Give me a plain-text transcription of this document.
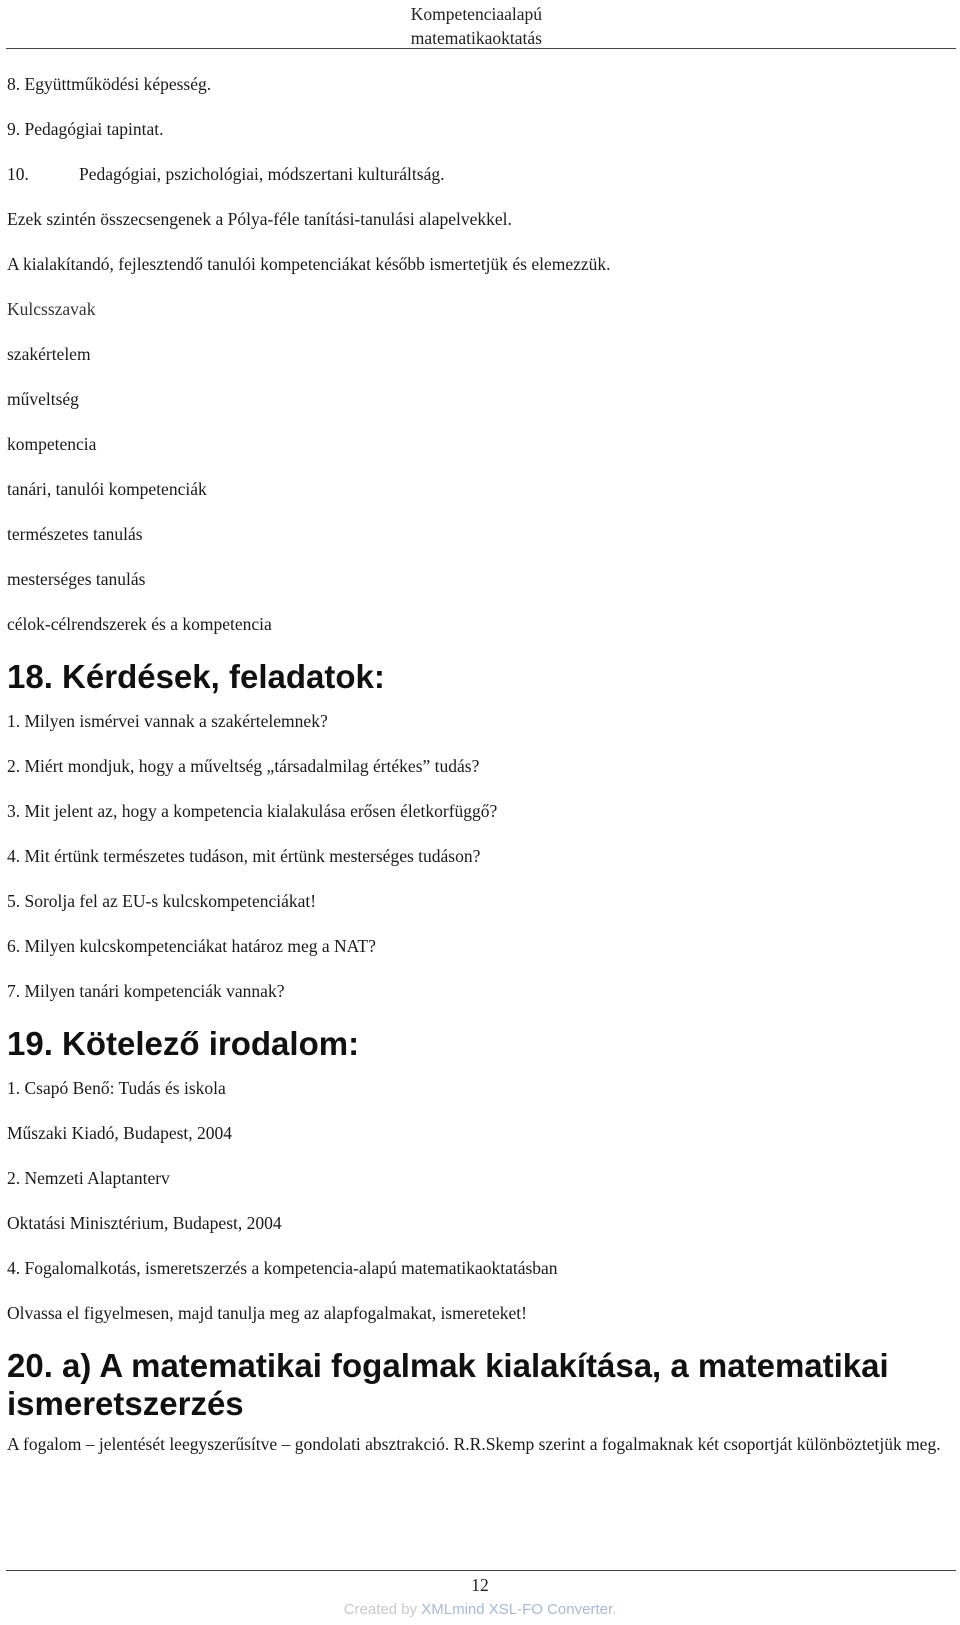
Kompetenciaalapú
matematikaoktatás
8. Együttműködési képesség.
9. Pedagógiai tapintat.
10.	Pedagógiai, pszichológiai, módszertani kulturáltság.
Ezek szintén összecsengenek a Pólya-féle tanítási-tanulási alapelvekkel.
A kialakítandó, fejlesztendő tanulói kompetenciákat később ismertetjük és elemezzük.
Kulcsszavak
szakértelem
műveltség
kompetencia
tanári, tanulói kompetenciák
természetes tanulás
mesterséges tanulás
célok-célrendszerek és a kompetencia
18. Kérdések, feladatok:
1. Milyen ismérvei vannak a szakértelemnek?
2. Miért mondjuk, hogy a műveltség „társadalmilag értékes” tudás?
3. Mit jelent az, hogy a kompetencia kialakulása erősen életkorfüggő?
4. Mit értünk természetes tudáson, mit értünk mesterséges tudáson?
5. Sorolja fel az EU-s kulcskompetenciákat!
6. Milyen kulcskompetenciákat határoz meg a NAT?
7. Milyen tanári kompetenciák vannak?
19. Kötelező irodalom:
1. Csapó Benő: Tudás és iskola
Műszaki Kiadó, Budapest, 2004
2. Nemzeti Alaptanterv
Oktatási Minisztérium, Budapest, 2004
4. Fogalomalkotás, ismeretszerzés a kompetencia-alapú matematikaoktatásban
Olvassa el figyelmesen, majd tanulja meg az alapfogalmakat, ismereteket!
20. a) A matematikai fogalmak kialakítása, a matematikai ismeretszerzés
A fogalom – jelentését leegyszerűsítve – gondolati absztrakció. R.R.Skemp szerint a fogalmaknak két csoportját különböztetjük meg.
12
Created by XMLmind XSL-FO Converter.
